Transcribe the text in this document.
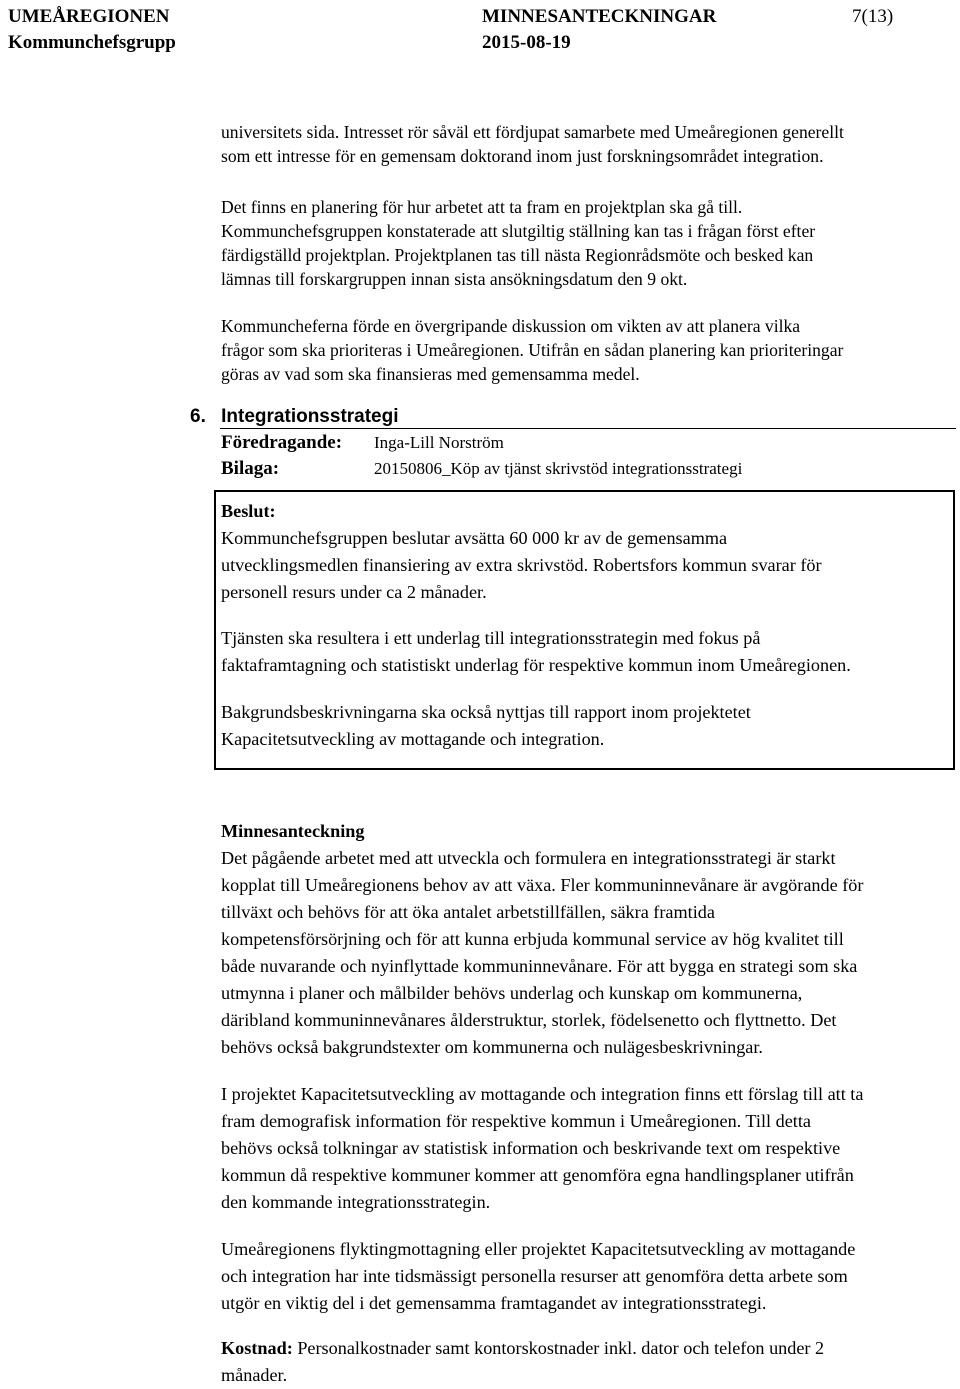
UMEÅREGIONEN
Kommunchefsgrupp
MINNESANTECKNINGAR
2015-08-19
7(13)
universitets sida. Intresset rör såväl ett fördjupat samarbete med Umeåregionen generellt
som ett intresse för en gemensam doktorand inom just forskningsområdet integration.
Det finns en planering för hur arbetet att ta fram en projektplan ska gå till.
Kommunchefsgruppen konstaterade att slutgiltig ställning kan tas i frågan först efter
färdigställd projektplan. Projektplanen tas till nästa Regionrådsmöte och besked kan
lämnas till forskargruppen innan sista ansökningsdatum den 9 okt.
Kommuncheferna förde en övergripande diskussion om vikten av att planera vilka
frågor som ska prioriteras i Umeåregionen. Utifrån en sådan planering kan prioriteringar
göras av vad som ska finansieras med gemensamma medel.
6. Integrationsstrategi
Föredragande: Inga-Lill Norström
Bilaga:	20150806_Köp av tjänst skrivstöd integrationsstrategi
Beslut:
Kommunchefsgruppen beslutar avsätta 60 000 kr av de gemensamma
utvecklingsmedlen finansiering av extra skrivstöd. Robertsfors kommun svarar för
personell resurs under ca 2 månader.
Tjänsten ska resultera i ett underlag till integrationsstrategin med fokus på
faktaframtagning och statistiskt underlag för respektive kommun inom Umeåregionen.
Bakgrundsbeskrivningarna ska också nyttjas till rapport inom projektetet
Kapacitetsutveckling av mottagande och integration.
Minnesanteckning
Det pågående arbetet med att utveckla och formulera en integrationsstrategi är starkt
kopplat till Umeåregionens behov av att växa. Fler kommuninnevånare är avgörande för
tillväxt och behövs för att öka antalet arbetstillfällen, säkra framtida
kompetensförsörjning och för att kunna erbjuda kommunal service av hög kvalitet till
både nuvarande och nyinflyttade kommuninnevånare. För att bygga en strategi som ska
utmynna i planer och målbilder behövs underlag och kunskap om kommunerna,
däribland kommuninnevånares ålderstruktur, storlek, födelsenetto och flyttnetto. Det
behövs också bakgrundstexter om kommunerna och nulägesbeskrivningar.
I projektet Kapacitetsutveckling av mottagande och integration finns ett förslag till att ta
fram demografisk information för respektive kommun i Umeåregionen. Till detta
behövs också tolkningar av statistisk information och beskrivande text om respektive
kommun då respektive kommuner kommer att genomföra egna handlingsplaner utifrån
den kommande integrationsstrategin.
Umeåregionens flyktingmottagning eller projektet Kapacitetsutveckling av mottagande
och integration har inte tidsmässigt personella resurser att genomföra detta arbete som
utgör en viktig del i det gemensamma framtagandet av integrationsstrategi.
Kostnad: Personalkostnader samt kontorskostnader inkl. dator och telefon under 2
månader.
